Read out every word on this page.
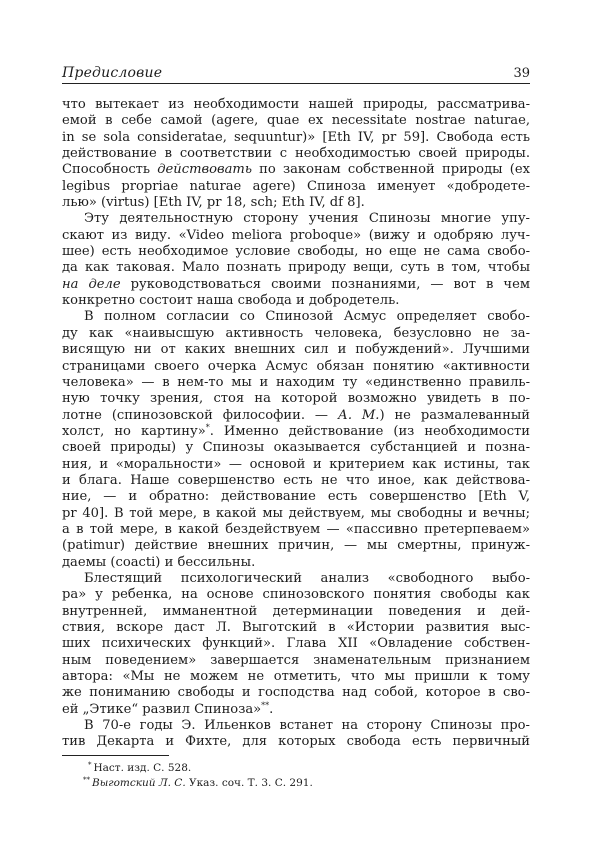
Предисловие	39
что вытекает из необходимости нашей природы, рассматрива-
емой в себе самой (agere, quae ex necessitate nostrae naturae,
in se sola consideratae, sequuntur)» [Eth IV, pr 59]. Свобода есть
действование в соответствии с необходимостью своей природы.
Способность действовать по законам собственной природы (ex
legibus propriae naturae agere) Спиноза именует «добродете-
лью» (virtus) [Eth IV, pr 18, sch; Eth IV, df 8].
Эту деятельностную сторону учения Спинозы многие упу-
скают из виду. «Video meliora proboque» (вижу и одобряю луч-
шее) есть необходимое условие свободы, но еще не сама свобо-
да как таковая. Мало познать природу вещи, суть в том, чтобы
на деле руководствоваться своими познаниями, — вот в чем
конкретно состоит наша свобода и добродетель.
В полном согласии со Спинозой Асмус определяет свобо-
ду как «наивысшую активность человека, безусловно не за-
висящую ни от каких внешних сил и побуждений». Лучшими
страницами своего очерка Асмус обязан понятию «активности
человека» — в нем-то мы и находим ту «единственно правиль-
ную точку зрения, стоя на которой возможно увидеть в по-
лотне (спинозовской философии. — А. М.) не размалеванный
холст, но картину»*. Именно действование (из необходимости
своей природы) у Спинозы оказывается субстанцией и позна-
ния, и «моральности» — основой и критерием как истины, так
и блага. Наше совершенство есть не что иное, как действова-
ние, — и обратно: действование есть совершенство [Eth V,
pr 40]. В той мере, в какой мы действуем, мы свободны и вечны;
а в той мере, в какой бездействуем — «пассивно претерпеваем»
(patimur) действие внешних причин, — мы смертны, принуж-
даемы (coacti) и бессильны.
Блестящий психологический анализ «свободного выбо-
ра» у ребенка, на основе спинозовского понятия свободы как
внутренней, имманентной детерминации поведения и дей-
ствия, вскоре даст Л. Выготский в «Истории развития выс-
ших психических функций». Глава XII «Овладение собствен-
ным поведением» завершается знаменательным признанием
автора: «Мы не можем не отметить, что мы пришли к тому
же пониманию свободы и господства над собой, которое в сво-
ей „Этике“ развил Спиноза»**.
В 70-е годы Э. Ильенков встанет на сторону Спинозы про-
тив Декарта и Фихте, для которых свобода есть первичный
* Наст. изд. С. 528.
** Выготский Л. С. Указ. соч. Т. 3. С. 291.
